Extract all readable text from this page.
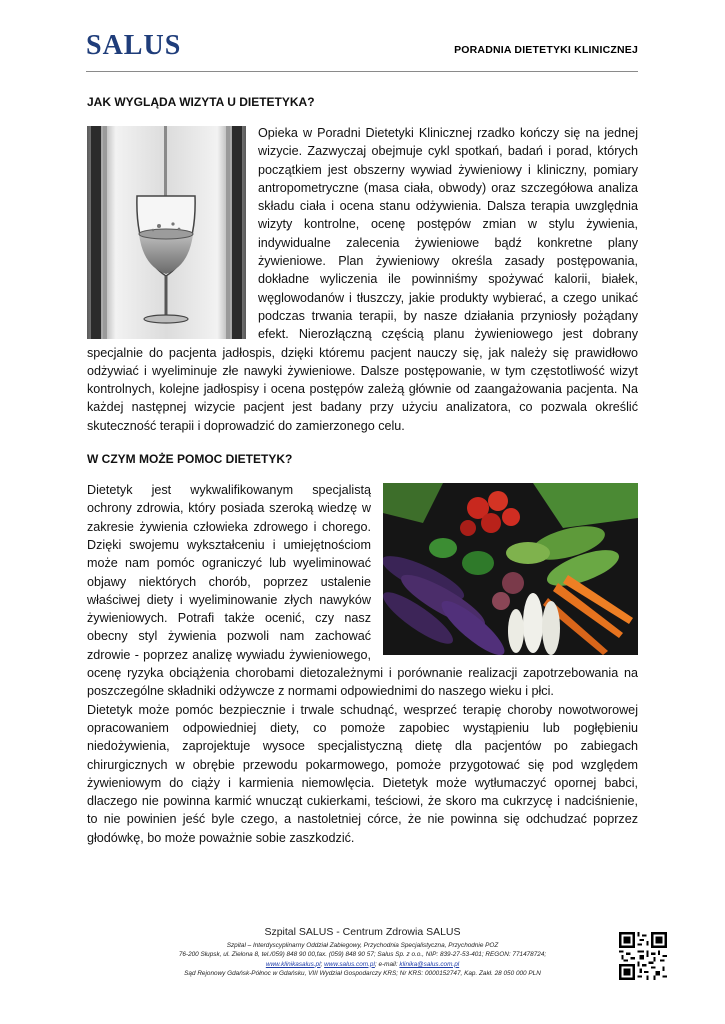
SALUS	PORADNIA DIETETYKI KLINICZNEJ
JAK WYGLĄDA WIZYTA U DIETETYKA?

Opieka w Poradni Dietetyki Klinicznej rzadko kończy się na jednej wizycie. Zazwyczaj obejmuje cykl spotkań, badań i porad, których początkiem jest obszerny wywiad żywieniowy i kliniczny, pomiary antropometryczne (masa ciała, obwody) oraz szczegółowa analiza składu ciała i ocena stanu odżywienia. Dalsza terapia uwzględnia wizyty kontrolne, ocenę postępów zmian w stylu żywienia, indywidualne zalecenia żywieniowe bądź konkretne plany żywieniowe. Plan żywieniowy określa zasady postępowania, dokładne wyliczenia ile powinniśmy spożywać kalorii, białek, węglowodanów i tłuszczy, jakie produkty wybierać, a czego unikać podczas trwania terapii, by nasze działania przyniosły pożądany efekt. Nierozłączną częścią planu żywieniowego jest dobrany specjalnie do pacjenta jadłospis, dzięki któremu pacjent nauczy się, jak należy się prawidłowo odżywiać i wyeliminuje złe nawyki żywieniowe. Dalsze postępowanie, w tym częstotliwość wizyt kontrolnych, kolejne jadłospisy i ocena postępów zależą głównie od zaangażowania pacjenta. Na każdej następnej wizycie pacjent jest badany przy użyciu analizatora, co pozwala określić skuteczność terapii i doprowadzić do zamierzonego celu.

W CZYM MOŻE POMOC DIETETYK?

Dietetyk jest wykwalifikowanym specjalistą ochrony zdrowia, który posiada szeroką wiedzę w zakresie żywienia człowieka zdrowego i chorego. Dzięki swojemu wykształceniu i umiejętnościom może nam pomóc ograniczyć lub wyeliminować objawy niektórych chorób, poprzez ustalenie właściwej diety i wyeliminowanie złych nawyków żywieniowych. Potrafi także ocenić, czy nasz obecny styl żywienia pozwoli nam zachować zdrowie - poprzez analizę wywiadu żywieniowego, ocenę ryzyka obciążenia chorobami dietozależnymi i porównanie realizacji zapotrzebowania na poszczególne składniki odżywcze z normami odpowiednimi do naszego wieku i płci.

Dietetyk może pomóc bezpiecznie i trwale schudnąć, wesprzeć terapię choroby nowotworowej opracowaniem odpowiedniej diety, co pomoże zapobiec wystąpieniu lub pogłębieniu niedożywienia, zaprojektuje wysoce specjalistyczną dietę dla pacjentów po zabiegach chirurgicznych w obrębie przewodu pokarmowego, pomoże przygotować się pod względem żywieniowym do ciąży i karmienia niemowlęcia. Dietetyk może wytłumaczyć opornej babci, dlaczego nie powinna karmić wnucząt cukierkami, teściowi, że skoro ma cukrzycę i nadciśnienie, to nie powinien jeść byle czego, a nastoletniej córce, że nie powinna się odchudzać poprzez głodówkę, bo może poważnie sobie zaszkodzić.

Szpital SALUS - Centrum Zdrowia SALUS
Szpital – Interdyscyplinarny Oddział Zabiegowy, Przychodnia Specjalistyczna, Przychodnie POZ
76-200 Słupsk, ul. Zielona 8, tel./059) 848 90 00,fax. (059) 848 90 57; Salus Sp. z o.o., NIP: 839-27-53-401; REGON: 771478724;
www.klinikasalus.pl; www.salus.com.pl; e-mail: klinika@salus.com.pl
Sąd Rejonowy Gdańsk-Północ w Gdańsku, VIII Wydział Gospodarczy KRS; Nr KRS: 0000152747, Kap. Zakł. 28 050 000 PLN
